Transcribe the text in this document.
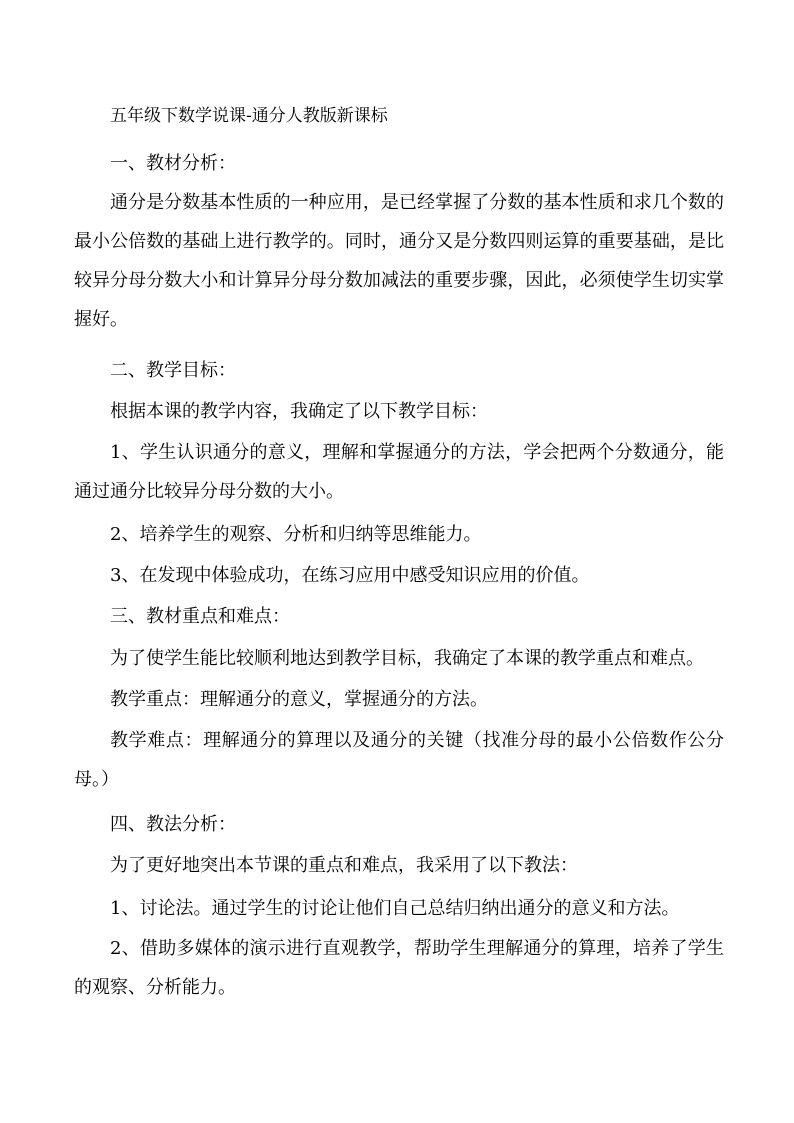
五年级下数学说课-通分人教版新课标

一、教材分析：

通分是分数基本性质的一种应用，是已经掌握了分数的基本性质和求几个数的最小公倍数的基础上进行教学的。同时，通分又是分数四则运算的重要基础，是比较异分母分数大小和计算异分母分数加减法的重要步骤，因此，必须使学生切实掌握好。

二、教学目标：

根据本课的教学内容，我确定了以下教学目标：

1、学生认识通分的意义，理解和掌握通分的方法，学会把两个分数通分，能通过通分比较异分母分数的大小。

2、培养学生的观察、分析和归纳等思维能力。

3、在发现中体验成功，在练习应用中感受知识应用的价值。

三、教材重点和难点：

为了使学生能比较顺利地达到教学目标，我确定了本课的教学重点和难点。

教学重点：理解通分的意义，掌握通分的方法。

教学难点：理解通分的算理以及通分的关键（找准分母的最小公倍数作公分母。）

四、教法分析：

为了更好地突出本节课的重点和难点，我采用了以下教法：

1、讨论法。通过学生的讨论让他们自己总结归纳出通分的意义和方法。

2、借助多媒体的演示进行直观教学，帮助学生理解通分的算理，培养了学生的观察、分析能力。
